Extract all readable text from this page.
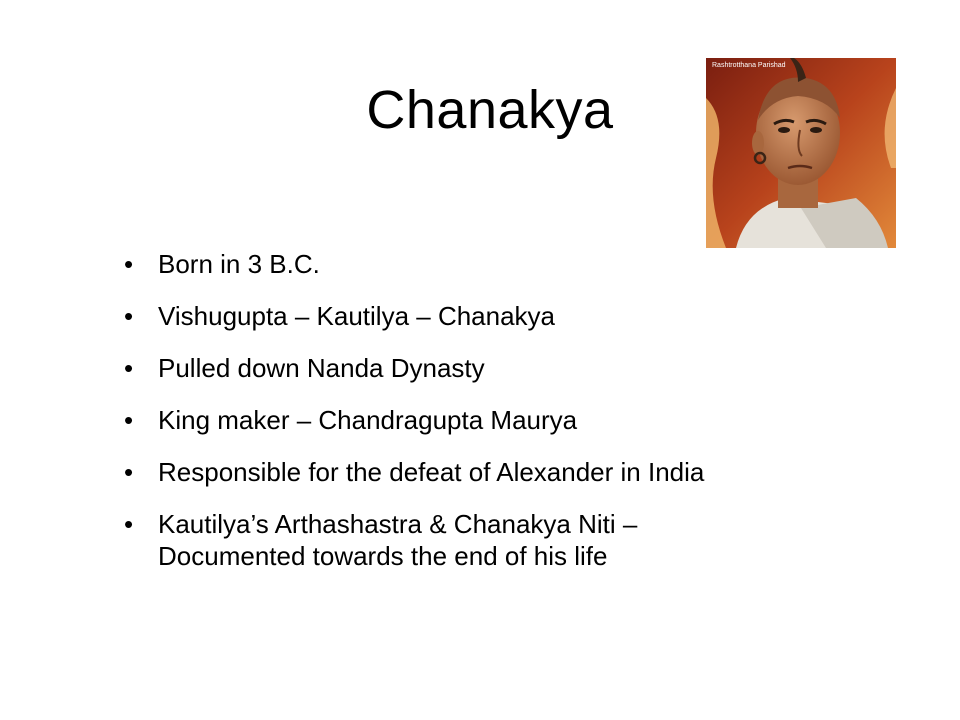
Chanakya
Rashtrotthana Parishad
• Born in 3 B.C.
• Vishugupta – Kautilya – Chanakya
• Pulled down Nanda Dynasty
• King maker – Chandragupta Maurya
• Responsible for the defeat of Alexander in India
• Kautilya’s Arthashastra & Chanakya Niti –
Documented towards the end of his life
